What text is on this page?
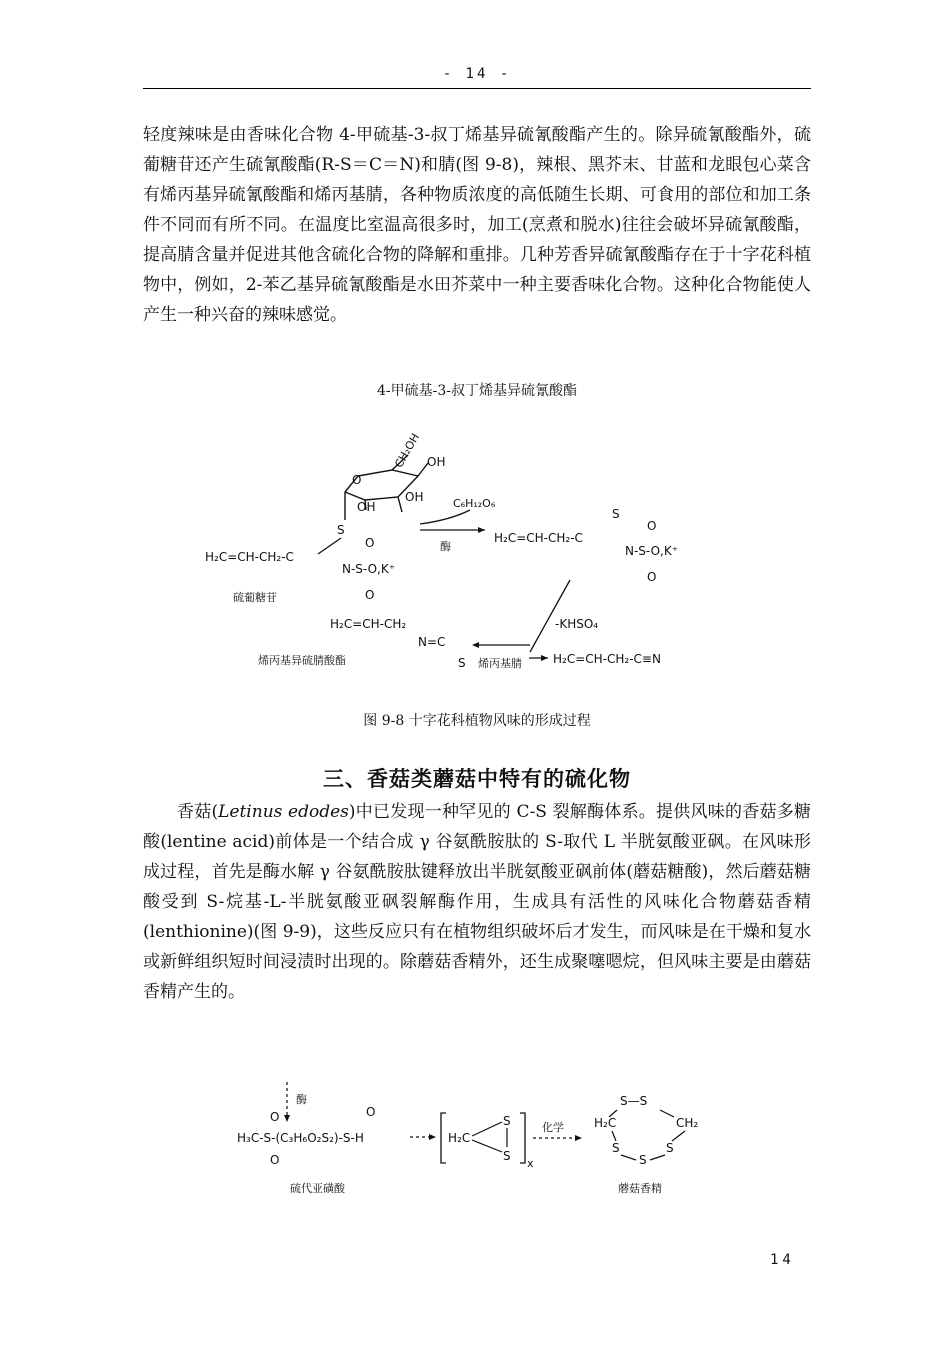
- 14 -

轻度辣味是由香味化合物 4-甲硫基-3-叔丁烯基异硫氰酸酯产生的。除异硫氰酸酯外，硫葡糖苷还产生硫氰酸酯(R-S＝C＝N)和腈(图 9-8)，辣根、黑芥末、甘蓝和龙眼包心菜含有烯丙基异硫氰酸酯和烯丙基腈，各种物质浓度的高低随生长期、可食用的部位和加工条件不同而有所不同。在温度比室温高很多时，加工(烹煮和脱水)往往会破坏异硫氰酸酯，提高腈含量并促进其他含硫化合物的降解和重排。几种芳香异硫氰酸酯存在于十字花科植物中，例如，2-苯乙基异硫氰酸酯是水田芥菜中一种主要香味化合物。这种化合物能使人产生一种兴奋的辣味感觉。

4-甲硫基-3-叔丁烯基异硫氰酸酯
O
CH₂OH OH
OH
OH
S
H₂C=CH-CH₂-C
N-S-O,K⁺
O
O
硫葡糖苷
C₆H₁₂O₆
酶
S
H₂C=CH-CH₂-C
N-S-O,K⁺
O
O
-KHSO₄
H₂C=CH-CH₂-C≡N
烯丙基腈
H₂C=CH-CH₂
N=C
S
烯丙基异硫腈酸酯
图 9-8 十字花科植物风味的形成过程
三、香菇类蘑菇中特有的硫化物

香菇(Letinus edodes)中已发现一种罕见的 C-S 裂解酶体系。提供风味的香菇多糖酸(lentine acid)前体是一个结合成 γ 谷氨酰胺肽的 S-取代 L 半胱氨酸亚砜。在风味形成过程，首先是酶水解 γ 谷氨酰胺肽键释放出半胱氨酸亚砜前体(蘑菇糖酸)，然后蘑菇糖酸受到 S-烷基-L-半胱氨酸亚砜裂解酶作用，生成具有活性的风味化合物蘑菇香精(lenthionine)(图 9-9)，这些反应只有在植物组织破坏后才发生，而风味是在干燥和复水或新鲜组织短时间浸渍时出现的。除蘑菇香精外，还生成聚噻嗯烷，但风味主要是由蘑菇香精产生的。

酶
H₃C-S-(C₃H₆O₂S₂)-S-H
O
O
O
硫代亚磺酸
H₂C
S
S
x
化学
S—S
H₂C	CH₂
S	S
S
蘑菇香精
14
